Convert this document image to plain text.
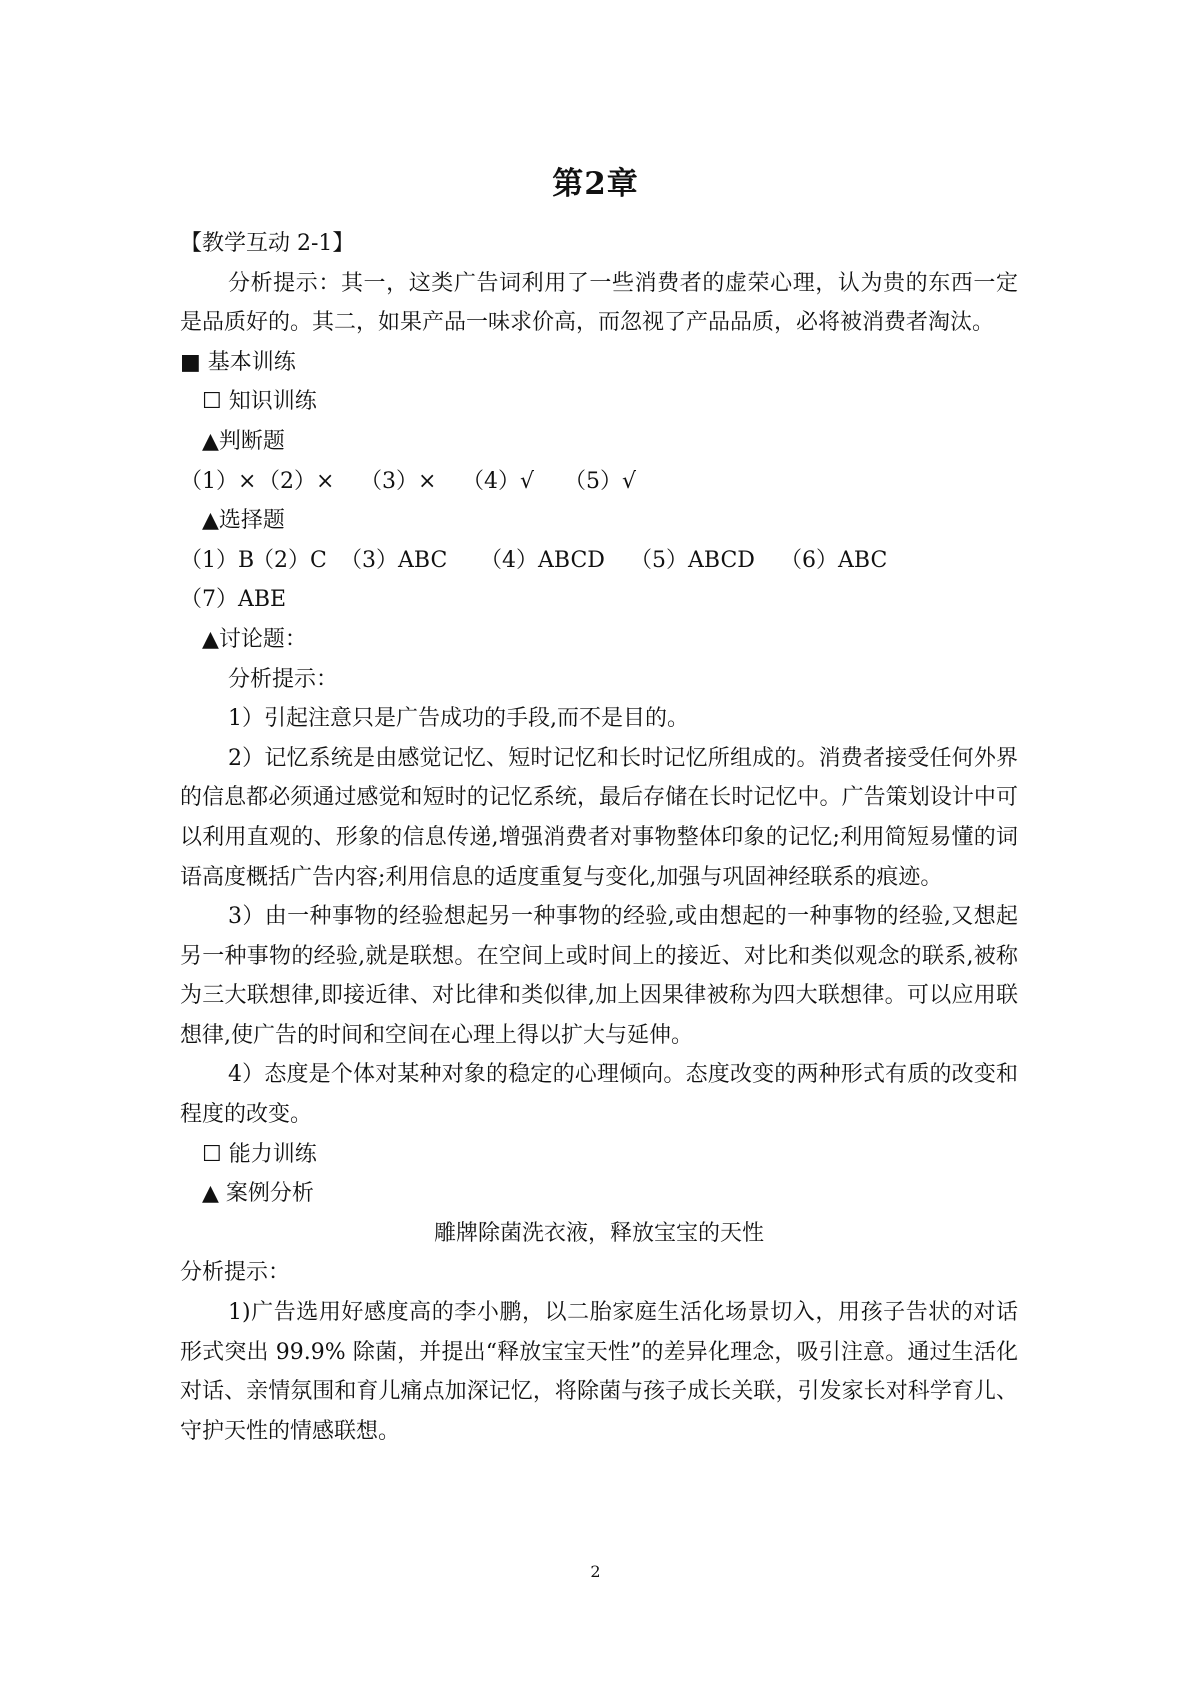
第2章

【教学互动 2-1】

分析提示：其一，这类广告词利用了一些消费者的虚荣心理，认为贵的东西一定是品质好的。其二，如果产品一味求价高，而忽视了产品品质，必将被消费者淘汰。

■ 基本训练

☐ 知识训练

▲判断题

（1）×（2）× （3）× （4）√ （5）√

▲选择题

（1）B（2）C （3）ABC （4）ABCD （5）ABCD （6）ABC

（7）ABE

▲讨论题：

分析提示：

1）引起注意只是广告成功的手段,而不是目的。

2）记忆系统是由感觉记忆、短时记忆和长时记忆所组成的。消费者接受任何外界的信息都必须通过感觉和短时的记忆系统，最后存储在长时记忆中。广告策划设计中可以利用直观的、形象的信息传递,增强消费者对事物整体印象的记忆;利用简短易懂的词语高度概括广告内容;利用信息的适度重复与变化,加强与巩固神经联系的痕迹。

3）由一种事物的经验想起另一种事物的经验,或由想起的一种事物的经验,又想起另一种事物的经验,就是联想。在空间上或时间上的接近、对比和类似观念的联系,被称为三大联想律,即接近律、对比律和类似律,加上因果律被称为四大联想律。可以应用联想律,使广告的时间和空间在心理上得以扩大与延伸。

4）态度是个体对某种对象的稳定的心理倾向。态度改变的两种形式有质的改变和程度的改变。

☐ 能力训练

▲ 案例分析

雕牌除菌洗衣液，释放宝宝的天性

分析提示：

1)广告选用好感度高的李小鹏，以二胎家庭生活化场景切入，用孩子告状的对话形式突出 99.9% 除菌，并提出“释放宝宝天性”的差异化理念，吸引注意。通过生活化对话、亲情氛围和育儿痛点加深记忆，将除菌与孩子成长关联，引发家长对科学育儿、守护天性的情感联想。

2
